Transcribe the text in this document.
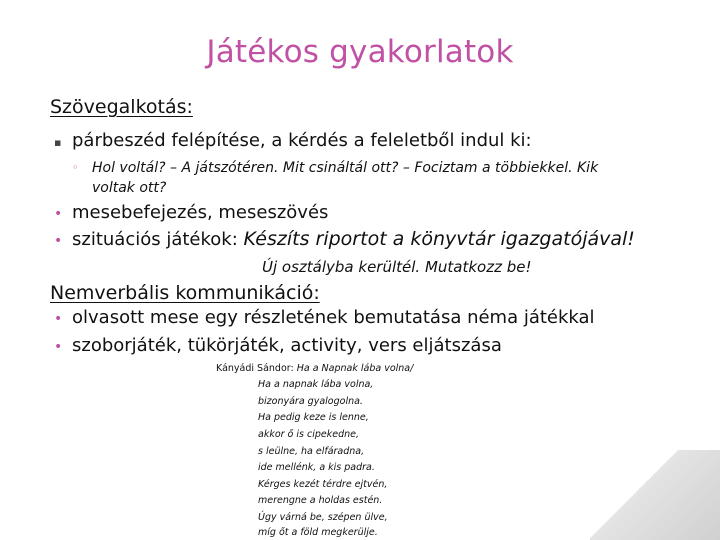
Játékos gyakorlatok
Szövegalkotás:
▪ párbeszéd felépítése, a kérdés a feleletből indul ki:
◦ Hol voltál? – A játszótéren. Mit csináltál ott? – Fociztam a többiekkel. Kik
voltak ott?
• mesebefejezés, meseszövés
• szituációs játékok: Készíts riportot a könyvtár igazgatójával!
Új osztályba kerültél. Mutatkozz be!
Nemverbális kommunikáció:
• olvasott mese egy részletének bemutatása néma játékkal
• szoborjáték, tükörjáték, activity, vers eljátszása
Kányádi Sándor: Ha a Napnak lába volna/
Ha a napnak lába volna,
bizonyára gyalogolna.
Ha pedig keze is lenne,
akkor ő is cipekedne,
s leülne, ha elfáradna,
ide mellénk, a kis padra.
Kérges kezét térdre ejtvén,
merengne a holdas estén.
Úgy várná be, szépen ülve,
míg őt a föld megkerülje.
